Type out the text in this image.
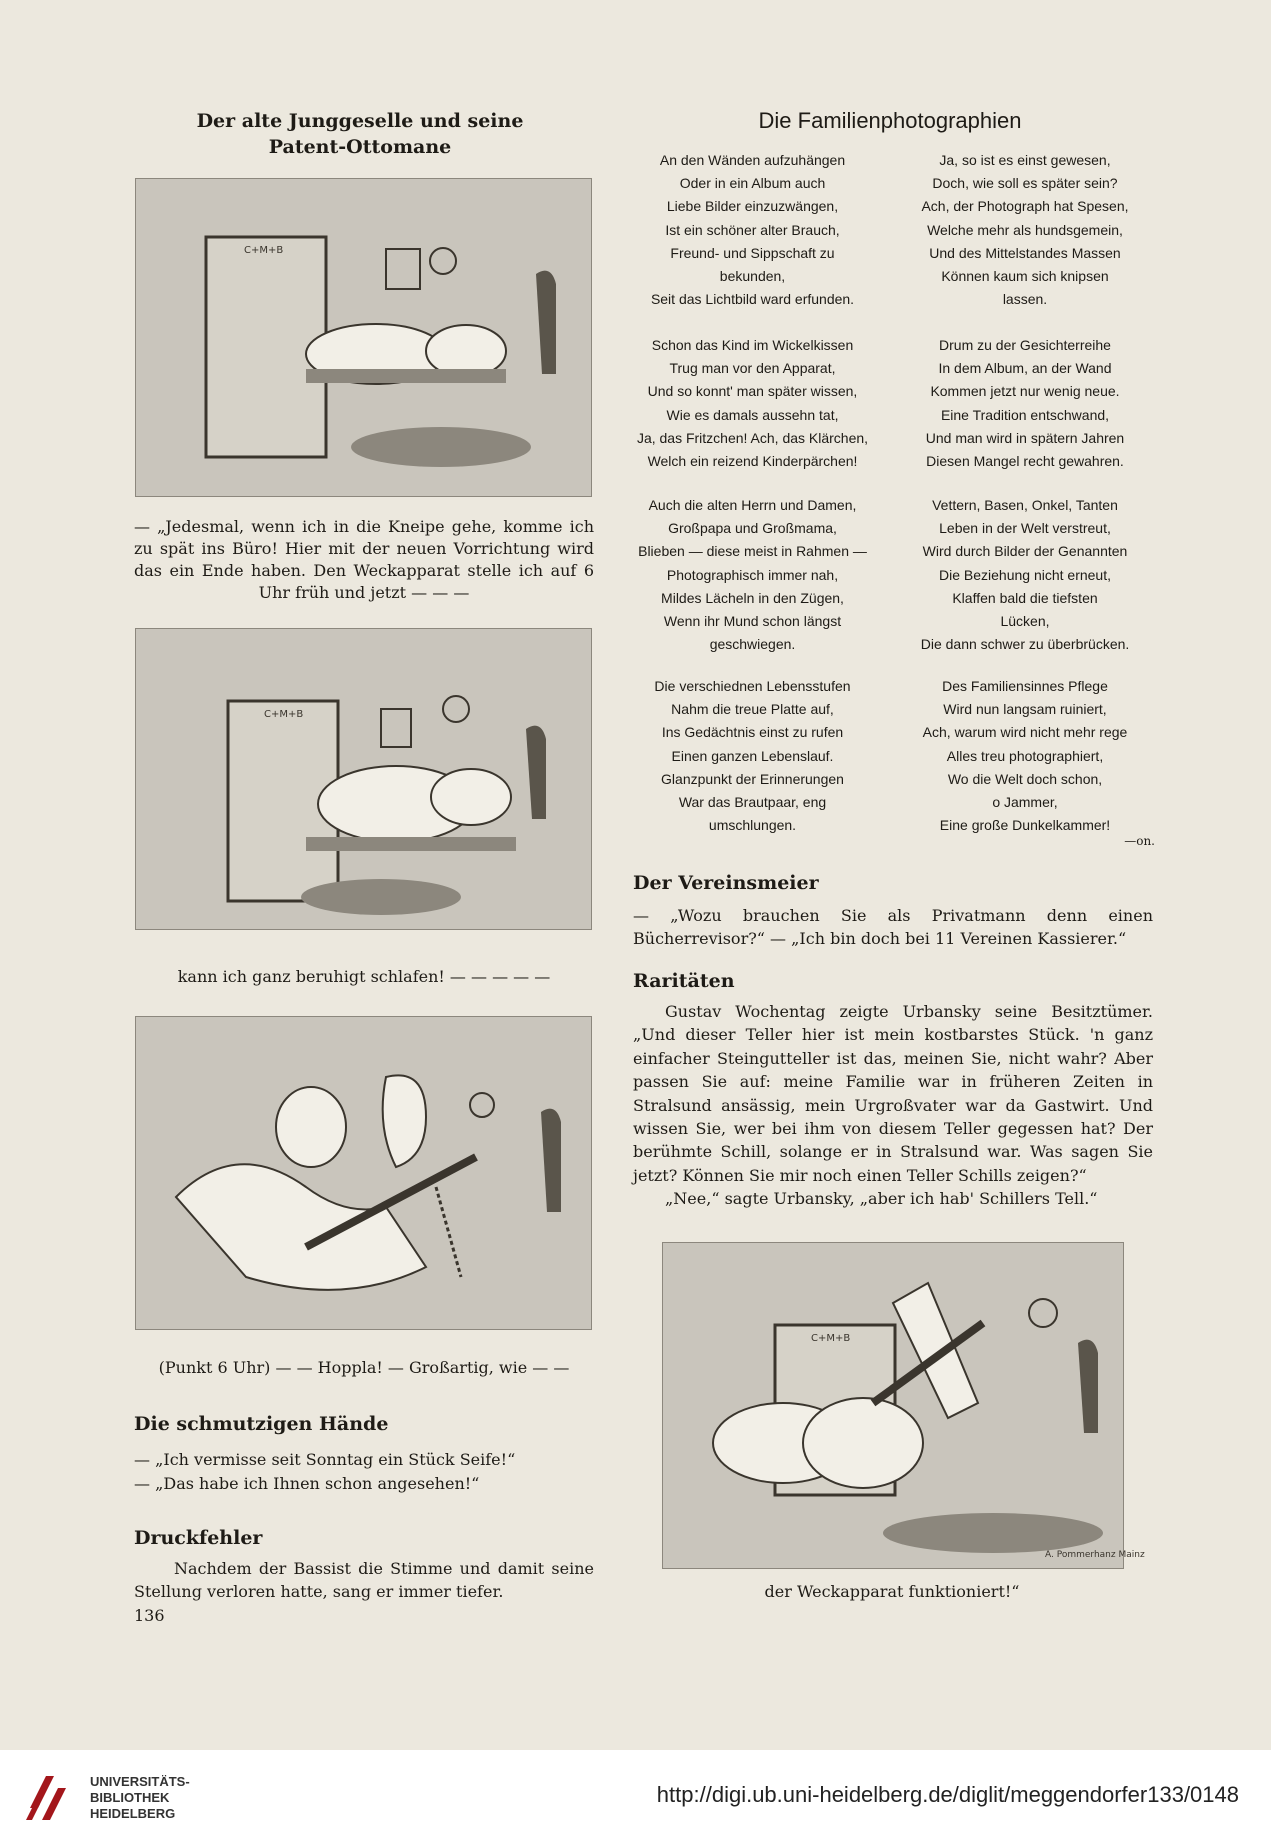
Der alte Junggeselle und seine
Patent-Ottomane
C+M+B
— „Jedesmal, wenn ich in die Kneipe gehe, komme ich zu spät ins Büro! Hier mit der neuen Vorrichtung wird das ein Ende haben. Den Weckapparat stelle ich auf 6 Uhr früh und jetzt — — —
C+M+B
kann ich ganz beruhigt schlafen! — — — — —
(Punkt 6 Uhr) — — Hoppla! — Großartig, wie — —
Die schmutzigen Hände
— „Ich vermisse seit Sonntag ein Stück Seife!“
— „Das habe ich Ihnen schon angesehen!“
Druckfehler
Nachdem der Bassist die Stimme und damit seine Stellung verloren hatte, sang er immer tiefer.
136
Die Familienphotographien
An den Wänden aufzuhängen
Oder in ein Album auch
Liebe Bilder einzuzwängen,
Ist ein schöner alter Brauch,
Freund- und Sippschaft zu
bekunden,
Seit das Lichtbild ward erfunden.
Ja, so ist es einst gewesen,
Doch, wie soll es später sein?
Ach, der Photograph hat Spesen,
Welche mehr als hundsgemein,
Und des Mittelstandes Massen
Können kaum sich knipsen
lassen.
Schon das Kind im Wickelkissen
Trug man vor den Apparat,
Und so konnt' man später wissen,
Wie es damals aussehn tat,
Ja, das Fritzchen! Ach, das Klärchen,
Welch ein reizend Kinderpärchen!
Drum zu der Gesichterreihe
In dem Album, an der Wand
Kommen jetzt nur wenig neue.
Eine Tradition entschwand,
Und man wird in spätern Jahren
Diesen Mangel recht gewahren.
Auch die alten Herrn und Damen,
Großpapa und Großmama,
Blieben — diese meist in Rahmen —
Photographisch immer nah,
Mildes Lächeln in den Zügen,
Wenn ihr Mund schon längst
geschwiegen.
Vettern, Basen, Onkel, Tanten
Leben in der Welt verstreut,
Wird durch Bilder der Genannten
Die Beziehung nicht erneut,
Klaffen bald die tiefsten
Lücken,
Die dann schwer zu überbrücken.
Die verschiednen Lebensstufen
Nahm die treue Platte auf,
Ins Gedächtnis einst zu rufen
Einen ganzen Lebenslauf.
Glanzpunkt der Erinnerungen
War das Brautpaar, eng
umschlungen.
Des Familiensinnes Pflege
Wird nun langsam ruiniert,
Ach, warum wird nicht mehr rege
Alles treu photographiert,
Wo die Welt doch schon,
o Jammer,
Eine große Dunkelkammer!
—on.
Der Vereinsmeier
— „Wozu brauchen Sie als Privatmann denn einen Bücherrevisor?“ — „Ich bin doch bei 11 Vereinen Kassierer.“
Raritäten
Gustav Wochentag zeigte Urbansky seine Besitztümer. „Und dieser Teller hier ist mein kostbarstes Stück. 'n ganz einfacher Steingutteller ist das, meinen Sie, nicht wahr? Aber passen Sie auf: meine Familie war in früheren Zeiten in Stralsund ansässig, mein Urgroßvater war da Gastwirt. Und wissen Sie, wer bei ihm von diesem Teller gegessen hat? Der berühmte Schill, solange er in Stralsund war. Was sagen Sie jetzt? Können Sie mir noch einen Teller Schills zeigen?“
„Nee,“ sagte Urbansky, „aber ich hab' Schillers Tell.“
C+M+B
A. Pommerhanz Mainz
der Weckapparat funktioniert!“
UNIVERSITÄTS-
BIBLIOTHEK
HEIDELBERG
http://digi.ub.uni-heidelberg.de/diglit/meggendorfer133/0148
